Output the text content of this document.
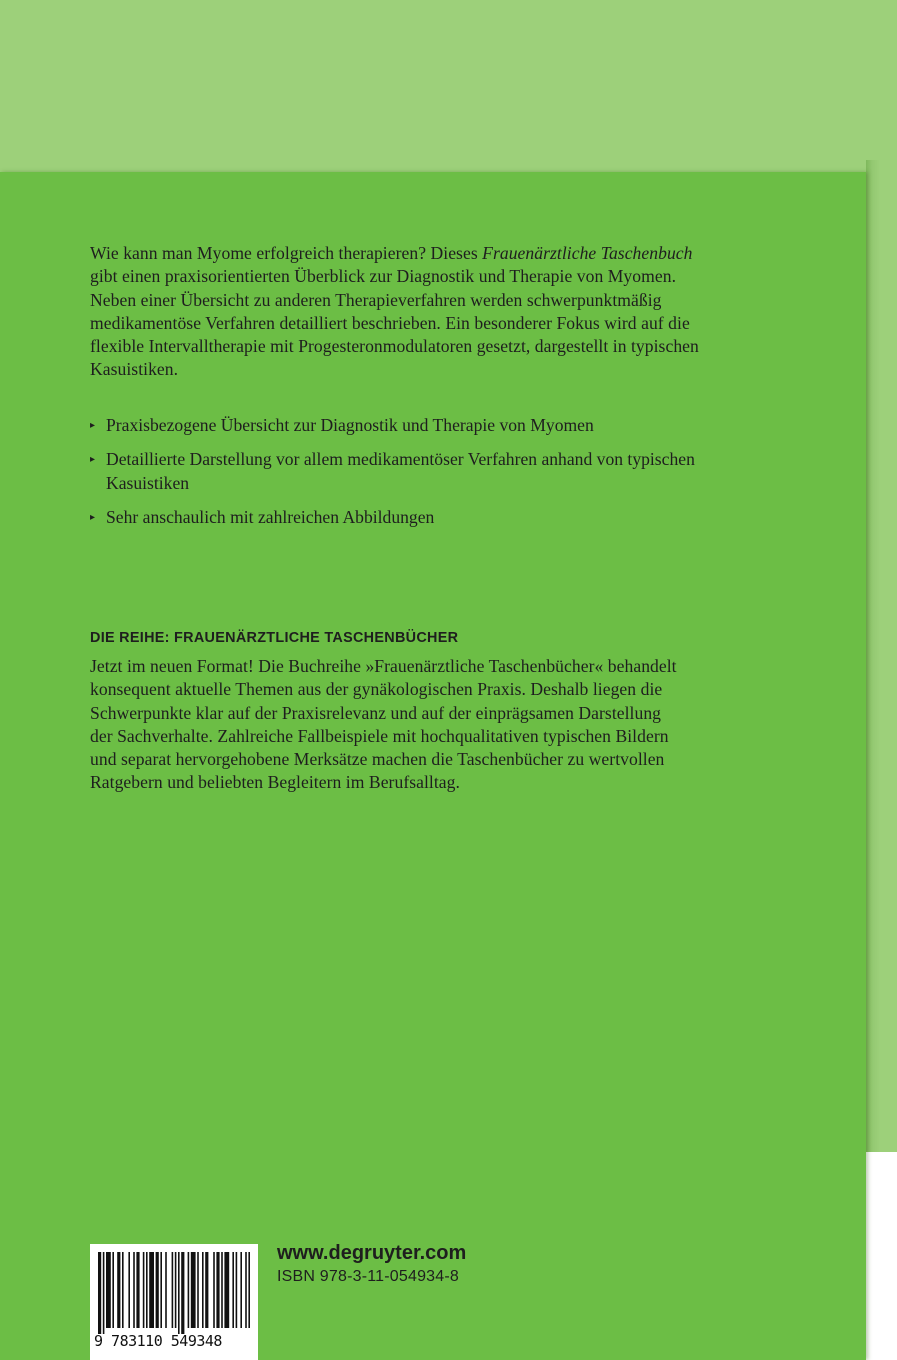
Wie kann man Myome erfolgreich therapieren? Dieses Frauenärztliche Taschenbuch
gibt einen praxisorientierten Überblick zur Diagnostik und Therapie von Myomen.
Neben einer Übersicht zu anderen Therapieverfahren werden schwerpunktmäßig
medikamentöse Verfahren detailliert beschrieben. Ein besonderer Fokus wird auf die
flexible Intervalltherapie mit Progesteronmodulatoren gesetzt, dargestellt in typischen
Kasuistiken.
▸ Praxisbezogene Übersicht zur Diagnostik und Therapie von Myomen
▸ Detaillierte Darstellung vor allem medikamentöser Verfahren anhand von typischen
Kasuistiken
▸ Sehr anschaulich mit zahlreichen Abbildungen
DIE REIHE: FRAUENÄRZTLICHE TASCHENBÜCHER
Jetzt im neuen Format! Die Buchreihe »Frauenärztliche Taschenbücher« behandelt
konsequent aktuelle Themen aus der gynäkologischen Praxis. Deshalb liegen die
Schwerpunkte klar auf der Praxisrelevanz und auf der einprägsamen Darstellung
der Sachverhalte. Zahlreiche Fallbeispiele mit hochqualitativen typischen Bildern
und separat hervorgehobene Merksätze machen die Taschenbücher zu wertvollen
Ratgebern und beliebten Begleitern im Berufsalltag.
9 783110 549348
www.degruyter.com
ISBN 978-3-11-054934-8
